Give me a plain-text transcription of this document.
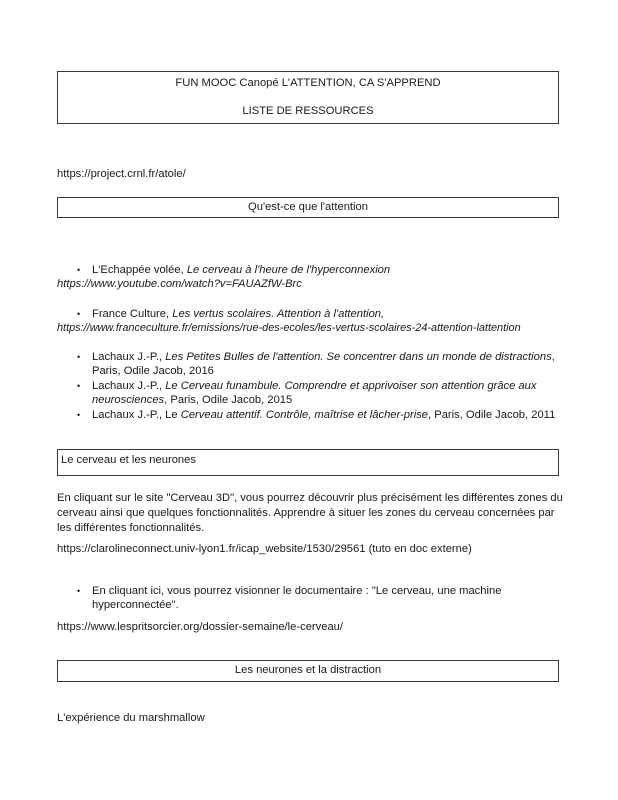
FUN MOOC Canopé L'ATTENTION, CA S'APPREND
LISTE DE RESSOURCES
https://project.crnl.fr/atole/
Qu'est-ce que l'attention
• L'Echappée volée, Le cerveau à l'heure de l'hyperconnexion
https://www.youtube.com/watch?v=FAUAZfW-Brc
• France Culture, Les vertus scolaires. Attention à l'attention,
https://www.franceculture.fr/emissions/rue-des-ecoles/les-vertus-scolaires-24-attention-lattention
• Lachaux J.-P., Les Petites Bulles de l'attention. Se concentrer dans un monde de distractions,
Paris, Odile Jacob, 2016
• Lachaux J.-P., Le Cerveau funambule. Comprendre et apprivoiser son attention grâce aux
neurosciences, Paris, Odile Jacob, 2015
• Lachaux J.-P., Le Cerveau attentif. Contrôle, maîtrise et lâcher-prise, Paris, Odile Jacob, 2011
Le cerveau et les neurones
En cliquant sur le site "Cerveau 3D", vous pourrez découvrir plus précisément les différentes zones du
cerveau ainsi que quelques fonctionnalités. Apprendre à situer les zones du cerveau concernées par
les différentes fonctionnalités.
https://clarolineconnect.univ-lyon1.fr/icap_website/1530/29561 (tuto en doc externe)
• En cliquant ici, vous pourrez visionner le documentaire : "Le cerveau, une machine
hyperconnectée".
https://www.lespritsorcier.org/dossier-semaine/le-cerveau/
Les neurones et la distraction
L'expérience du marshmallow
